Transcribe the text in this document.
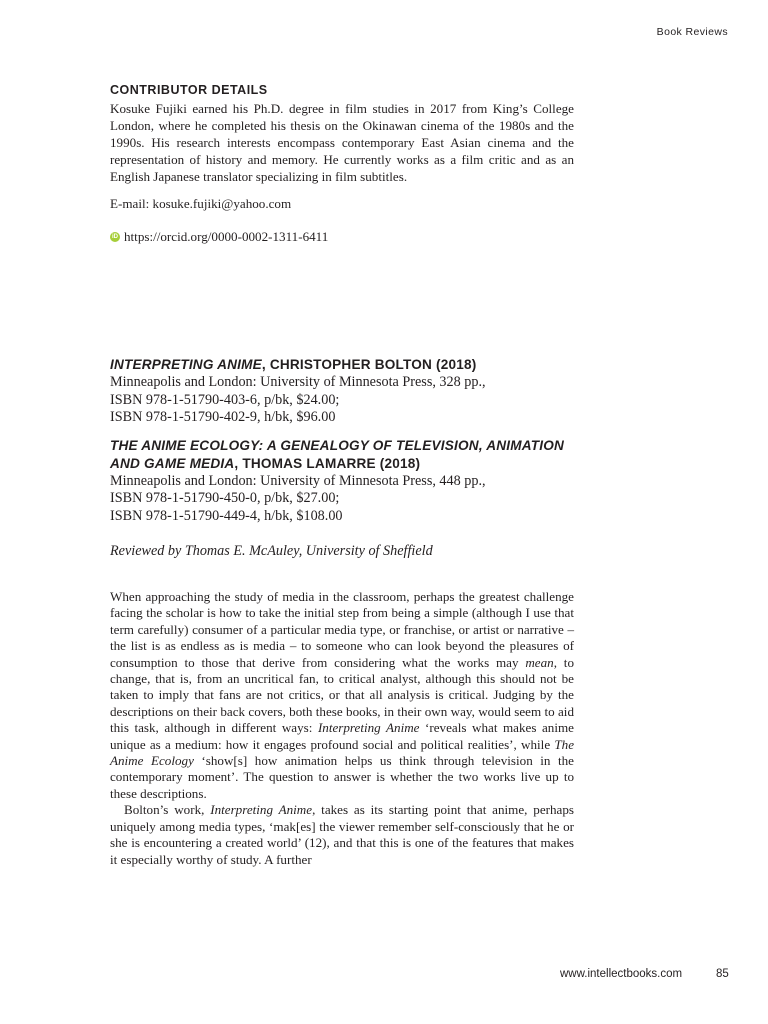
Book Reviews
CONTRIBUTOR DETAILS

Kosuke Fujiki earned his Ph.D. degree in film studies in 2017 from King’s College London, where he completed his thesis on the Okinawan cinema of the 1980s and the 1990s. His research interests encompass contemporary East Asian cinema and the representation of history and memory. He currently works as a film critic and as an English Japanese translator specializing in film subtitles.

E-mail: kosuke.fujiki@yahoo.com

iD https://orcid.org/0000-0002-1311-6411

INTERPRETING ANIME, CHRISTOPHER BOLTON (2018)

Minneapolis and London: University of Minnesota Press, 328 pp.,

ISBN 978-1-51790-403-6, p/bk, $24.00;

ISBN 978-1-51790-402-9, h/bk, $96.00

THE ANIME ECOLOGY: A GENEALOGY OF TELEVISION, ANIMATION AND GAME MEDIA, THOMAS LAMARRE (2018)

Minneapolis and London: University of Minnesota Press, 448 pp.,

ISBN 978-1-51790-450-0, p/bk, $27.00;

ISBN 978-1-51790-449-4, h/bk, $108.00

Reviewed by Thomas E. McAuley, University of Sheffield

When approaching the study of media in the classroom, perhaps the greatest challenge facing the scholar is how to take the initial step from being a simple (although I use that term carefully) consumer of a particular media type, or franchise, or artist or narrative – the list is as endless as is media – to someone who can look beyond the pleasures of consumption to those that derive from considering what the works may mean, to change, that is, from an uncritical fan, to critical analyst, although this should not be taken to imply that fans are not critics, or that all analysis is critical. Judging by the descriptions on their back covers, both these books, in their own way, would seem to aid this task, although in different ways: Interpreting Anime ‘reveals what makes anime unique as a medium: how it engages profound social and political realities’, while The Anime Ecology ‘show[s] how animation helps us think through television in the contemporary moment’. The question to answer is whether the two works live up to these descriptions.

Bolton’s work, Interpreting Anime, takes as its starting point that anime, perhaps uniquely among media types, ‘mak[es] the viewer remember self-consciously that he or she is encountering a created world’ (12), and that this is one of the features that makes it especially worthy of study. A further

www.intellectbooks.com	85
